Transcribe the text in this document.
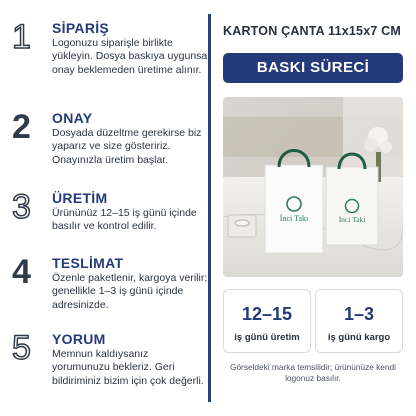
1 SİPARİŞ
Logonuzu siparişle birlikte yükleyin. Dosya baskıya uygunsa onay beklemeden üretime alınır.
2 ONAY
Dosyada düzeltme gerekirse biz yaparız ve size gösteririz. Onayınızla üretim başlar.
3 ÜRETİM
Ürününüz 12–15 iş günü içinde basılır ve kontrol edilir.
4 TESLİMAT
Özenle paketlenir, kargoya verilir; genellikle 1–3 iş günü içinde adresinizde.
5 YORUM
Memnun kaldıysanız yorumunuzu bekleriz. Geri bildiriminiz bizim için çok değerli.
KARTON ÇANTA 11x15x7 CM
BASKI SÜRECİ
İnci Takı	İnci Takı
12–15
iş günü üretim
1–3
iş günü kargo
Görseldeki marka temsilidir; ürününüze kendi logonuz basılır.
